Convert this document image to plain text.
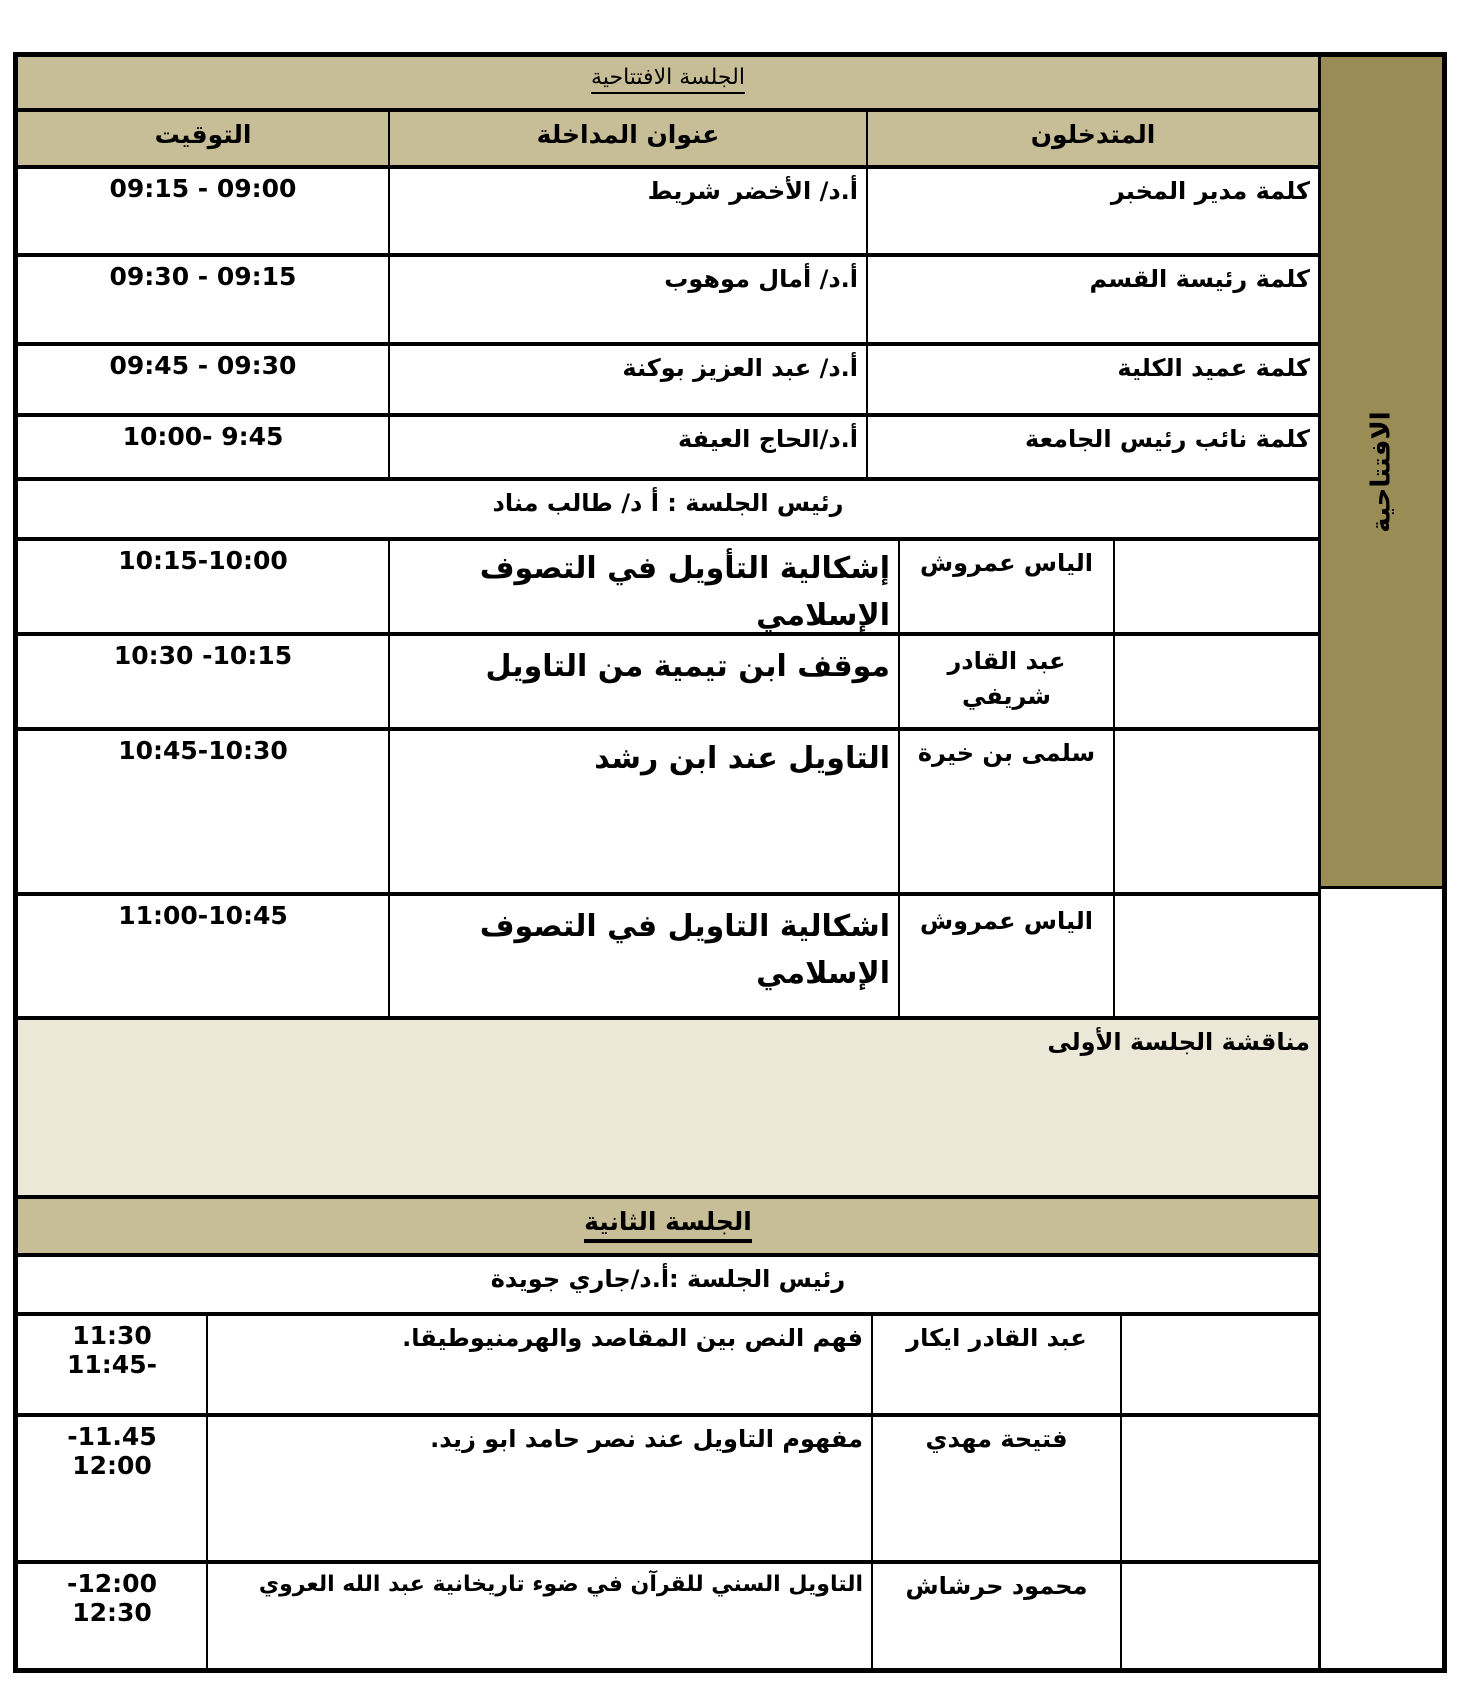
الجلسة الافتتاحية
المتدخلون
عنوان المداخلة
التوقيت
كلمة مدير المخبر
أ.د/ الأخضر شريط
09:15 - 09:00
كلمة رئيسة القسم
أ.د/ أمال موهوب
09:30 - 09:15
كلمة عميد الكلية
أ.د/ عبد العزيز بوكنة
09:45 - 09:30
كلمة نائب رئيس الجامعة
أ.د/الحاج العيفة
10:00- 9:45
رئيس الجلسة : أ د/ طالب مناد
الياس عمروش
إشكالية التأويل في التصوف الإسلامي
10:15-10:00
عبد القادر شريفي
موقف ابن تيمية من التاويل
10:30 -10:15
سلمى بن خيرة
التاويل عند ابن رشد
10:45-10:30
الياس عمروش
اشكالية التاويل في التصوف الإسلامي
11:00-10:45
مناقشة الجلسة الأولى
الجلسة الثانية
رئيس الجلسة :أ.د/جاري جويدة
عبد القادر ايكار
فهم النص بين المقاصد والهرمنيوطيقا.
11:30
11:45-
فتيحة مهدي
مفهوم التاويل عند نصر حامد ابو زيد.
-11.45
12:00
محمود حرشاش
التاويل السني للقرآن في ضوء تاريخانية عبد الله العروي
-12:00
12:30
الافتتاحية
